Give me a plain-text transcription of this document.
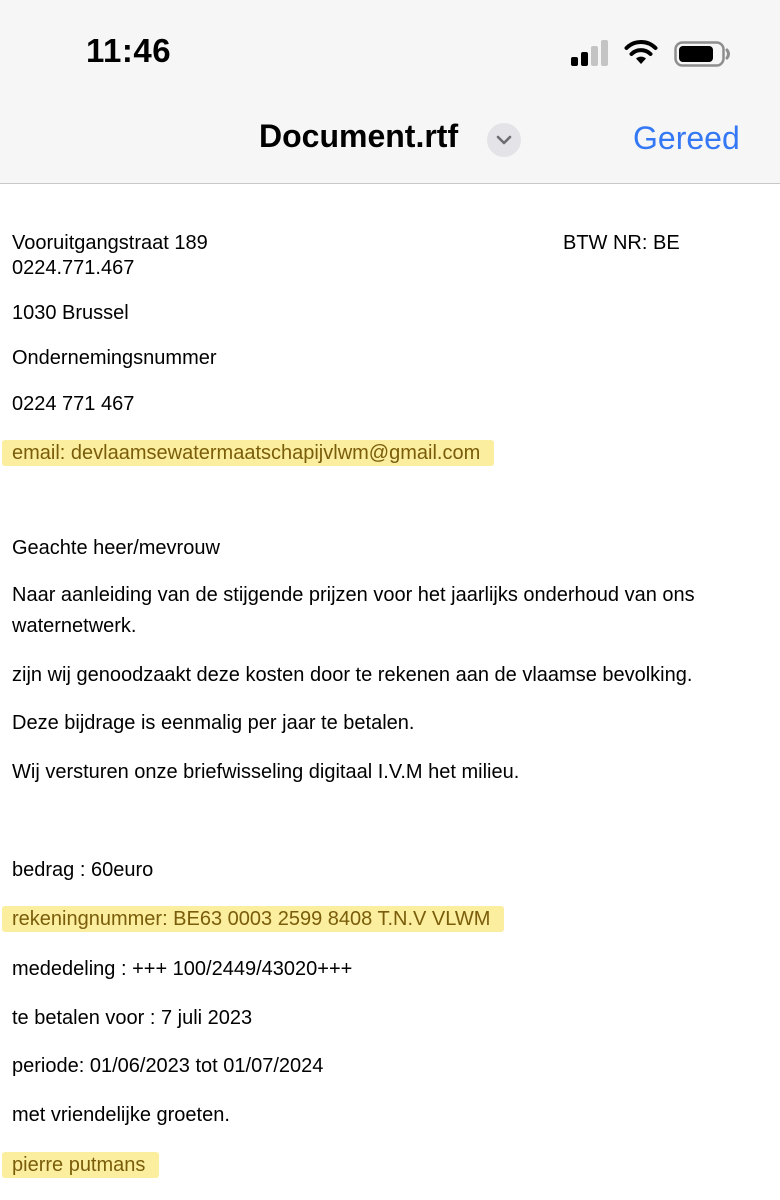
11:46
Document.rtf	Gereed
Vooruitgangstraat 189	BTW NR: BE
0224.771.467
1030 Brussel
Ondernemingsnummer
0224 771 467
email: devlaamsewatermaatschapijvlwm@gmail.com
Geachte heer/mevrouw
Naar aanleiding van de stijgende prijzen voor het jaarlijks onderhoud van ons
waternetwerk.
zijn wij genoodzaakt deze kosten door te rekenen aan de vlaamse bevolking.
Deze bijdrage is eenmalig per jaar te betalen.
Wij versturen onze briefwisseling digitaal I.V.M het milieu.
bedrag : 60euro
rekeningnummer: BE63 0003 2599 8408 T.N.V VLWM
mededeling : +++ 100/2449/43020+++
te betalen voor : 7 juli 2023
periode: 01/06/2023 tot 01/07/2024
met vriendelijke groeten.
pierre putmans
